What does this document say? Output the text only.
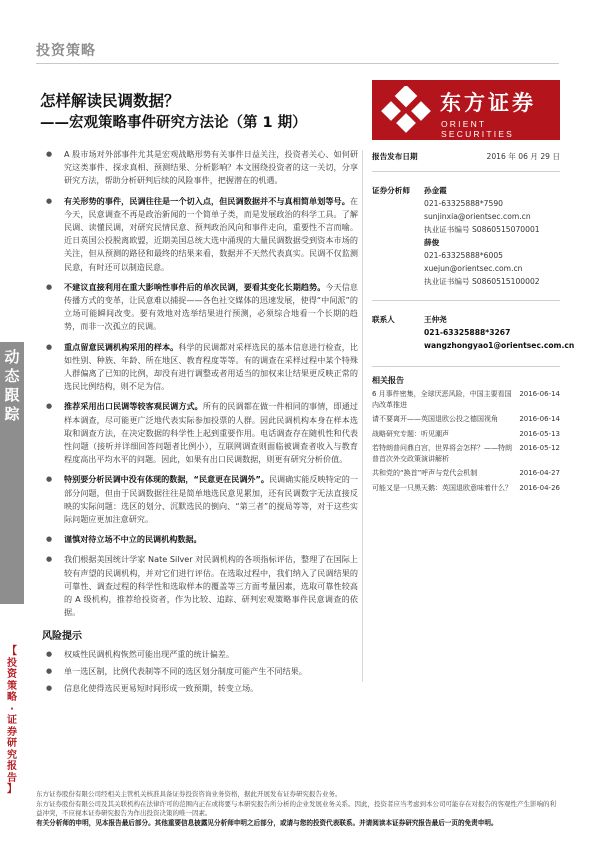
投资策略
怎样解读民调数据？
——宏观策略事件研究方法论（第 1 期）
东方证券
ORIENT SECURITIES
动
态
跟
踪
【
投
资
策
略
·
证
券
研
究
报
告
】
● A 股市场对外部事件尤其是宏观战略形势有关事件日益关注，投资者关心、如何研究这类事件、探求真相、预测结果、分析影响？本文围绕投资者的这一关切，分享研究方法，帮助分析研判后续的风险事件，把握潜在的机遇。
● 有关形势的事件，民调往往是一个切入点，但民调数据并不与真相简单划等号。在今天，民意调查不再是政治新闻的一个简单子类，而是发展政治的科学工具。了解民调、读懂民调，对研究民情民意、预判政治风向和事件走向，重要性不言而喻。近日英国公投脱离欧盟，近期美国总统大选中涌现的大量民调数据受到资本市场的关注，但从预测的路径和最终的结果来看，数据并不天然代表真实。民调不仅监测民意，有时还可以制造民意。
● 不建议直接利用在重大影响性事件后的单次民调，要看其变化长期趋势。今天信息传播方式的变革，让民意难以捕捉——各色社交媒体的迅速发展，使得“中间派”的立场可能瞬间改变。要有效地对选举结果进行预测，必须综合地看一个长期的趋势，而非一次孤立的民调。
● 重点留意民调机构采用的样本。科学的民调都对采样选民的基本信息进行检查，比如性别、种族、年龄、所在地区、教育程度等等。有的调查在采样过程中某个特殊人群偏离了已知的比例，却没有进行调整或者用适当的加权来让结果更反映正常的选民比例结构，则不足为信。
● 推荐采用出口民调等较客观民调方式。所有的民调都在做一件相同的事情，即通过样本调查，尽可能更广泛地代表实际参加投票的人群。因此民调机构本身在样本选取和调查方法，在决定数据的科学性上起到重要作用。电话调查存在随机性和代表性问题（接听并详细回答问题者比例小），互联网调查则面临被调查者收入与教育程度高出平均水平的问题。因此，如果有出口民调数据，则更有研究分析价值。
● 特别要分析民调中没有体现的数据，“民意更在民调外”。民调确实能反映特定的一部分问题，但由于民调数据往往是简单地选民意见累加，还有民调数字无法直接反映的实际问题：选区的划分、沉默选民的倒向、“第三者”的搅局等等，对于这些实际问题应更加注意研究。
● 谨慎对待立场不中立的民调机构数据。
● 我们根据美国统计学家 Nate Silver 对民调机构的各项指标评估，整理了在国际上较有声望的民调机构，并对它们进行评估。在选取过程中，我们纳入了民调结果的可靠性、调查过程的科学性和选取样本的覆盖等三方面考量因素，选取可靠性较高的 A 级机构，推荐给投资者，作为比较、追踪、研判宏观策略事件民意调查的依据。
风险提示
● 权威性民调机构恢然可能出现严重的统计偏差。
● 单一选区制，比例代表制等不同的选区划分制度可能产生不同结果。
● 信息化使得选民更易短时间形成一致预期，转变立场。
报告发布日期	2016 年 06 月 29 日
证券分析师 孙金霞
021-63325888*7590
sunjinxia@orientsec.com.cn
执业证书编号 S0860515070001
薛俊
021-63325888*6005
xuejun@orientsec.com.cn
执业证书编号 S0860515100002
联系人	王仲尧
021-63325888*3267
wangzhongyao1@orientsec.com.cn
相关报告
6 月事件密集，全球厌恶风险，中国主要看国内改革推进
2016-06-14
请不要离开——英国退欧公投之德国视角	2016-06-14
战略研究专题：听见潮声	2016-05-13
若特朗普问鼎白宫，世界将会怎样？——特朗普首次外交政策演讲解析
2016-05-12
共和党的“换首”呼声与党代会机制	2016-04-27
可能又是一只黑天鹅：英国退欧意味着什么？ 2016-04-26
东方证券股份有限公司经相关主管机关核准具备证券投资咨询业务资格，据此开展发布证券研究报告业务。
东方证券股份有限公司及其关联机构在法律许可的范围内正在或将要与本研究报告所分析的企业发展业务关系。因此，投资者应当考虑到本公司可能存在对报告的客观性产生影响的利益冲突，不应视本证券研究报告为作出投资决策的唯一因素。
有关分析师的申明，见本报告最后部分。其他重要信息披露见分析师申明之后部分，或请与您的投资代表联系。并请阅读本证券研究报告最后一页的免责申明。
